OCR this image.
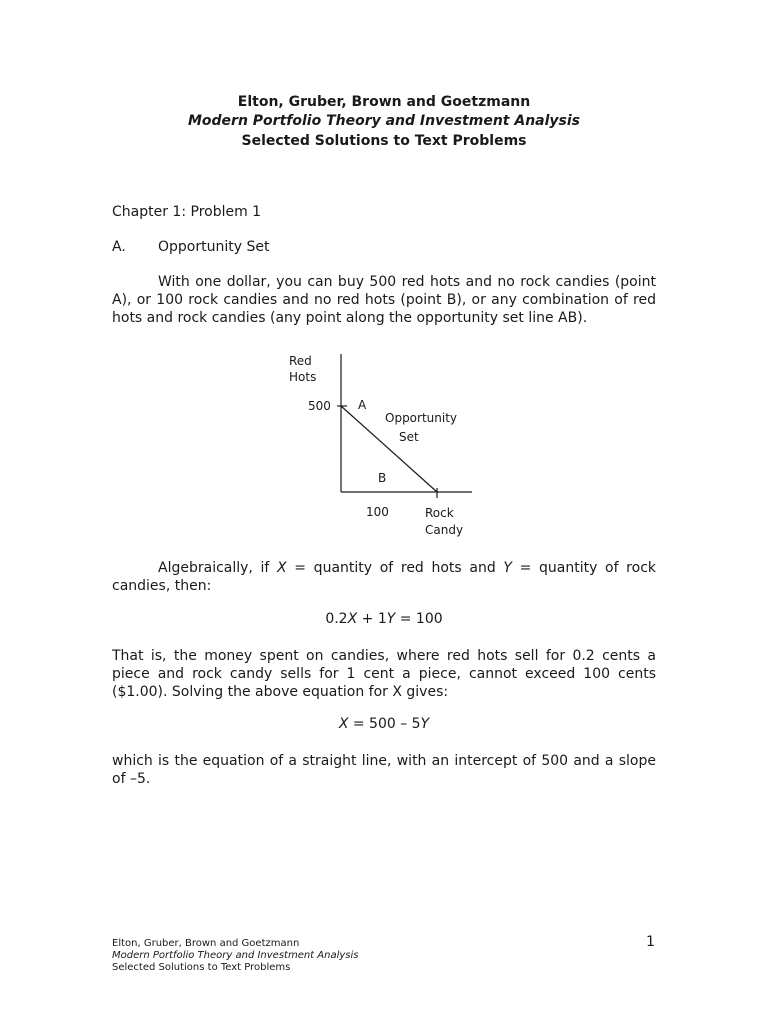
Elton, Gruber, Brown and Goetzmann
Modern Portfolio Theory and Investment Analysis
Selected Solutions to Text Problems
Chapter 1: Problem 1
A. Opportunity Set
With one dollar, you can buy 500 red hots and no rock candies (point A), or 100 rock candies and no red hots (point B), or any combination of red hots and rock candies (any point along the opportunity set line AB).
Red
Hots
500
100
A
B
Opportunity
Set
Rock
Candy
Algebraically, if X = quantity of red hots and Y = quantity of rock candies, then:
0.2X + 1Y = 100
That is, the money spent on candies, where red hots sell for 0.2 cents a piece and rock candy sells for 1 cent a piece, cannot exceed 100 cents ($1.00). Solving the above equation for X gives:
X = 500 – 5Y
which is the equation of a straight line, with an intercept of 500 and a slope of –5.
Elton, Gruber, Brown and Goetzmann
Modern Portfolio Theory and Investment Analysis
Selected Solutions to Text Problems
1
